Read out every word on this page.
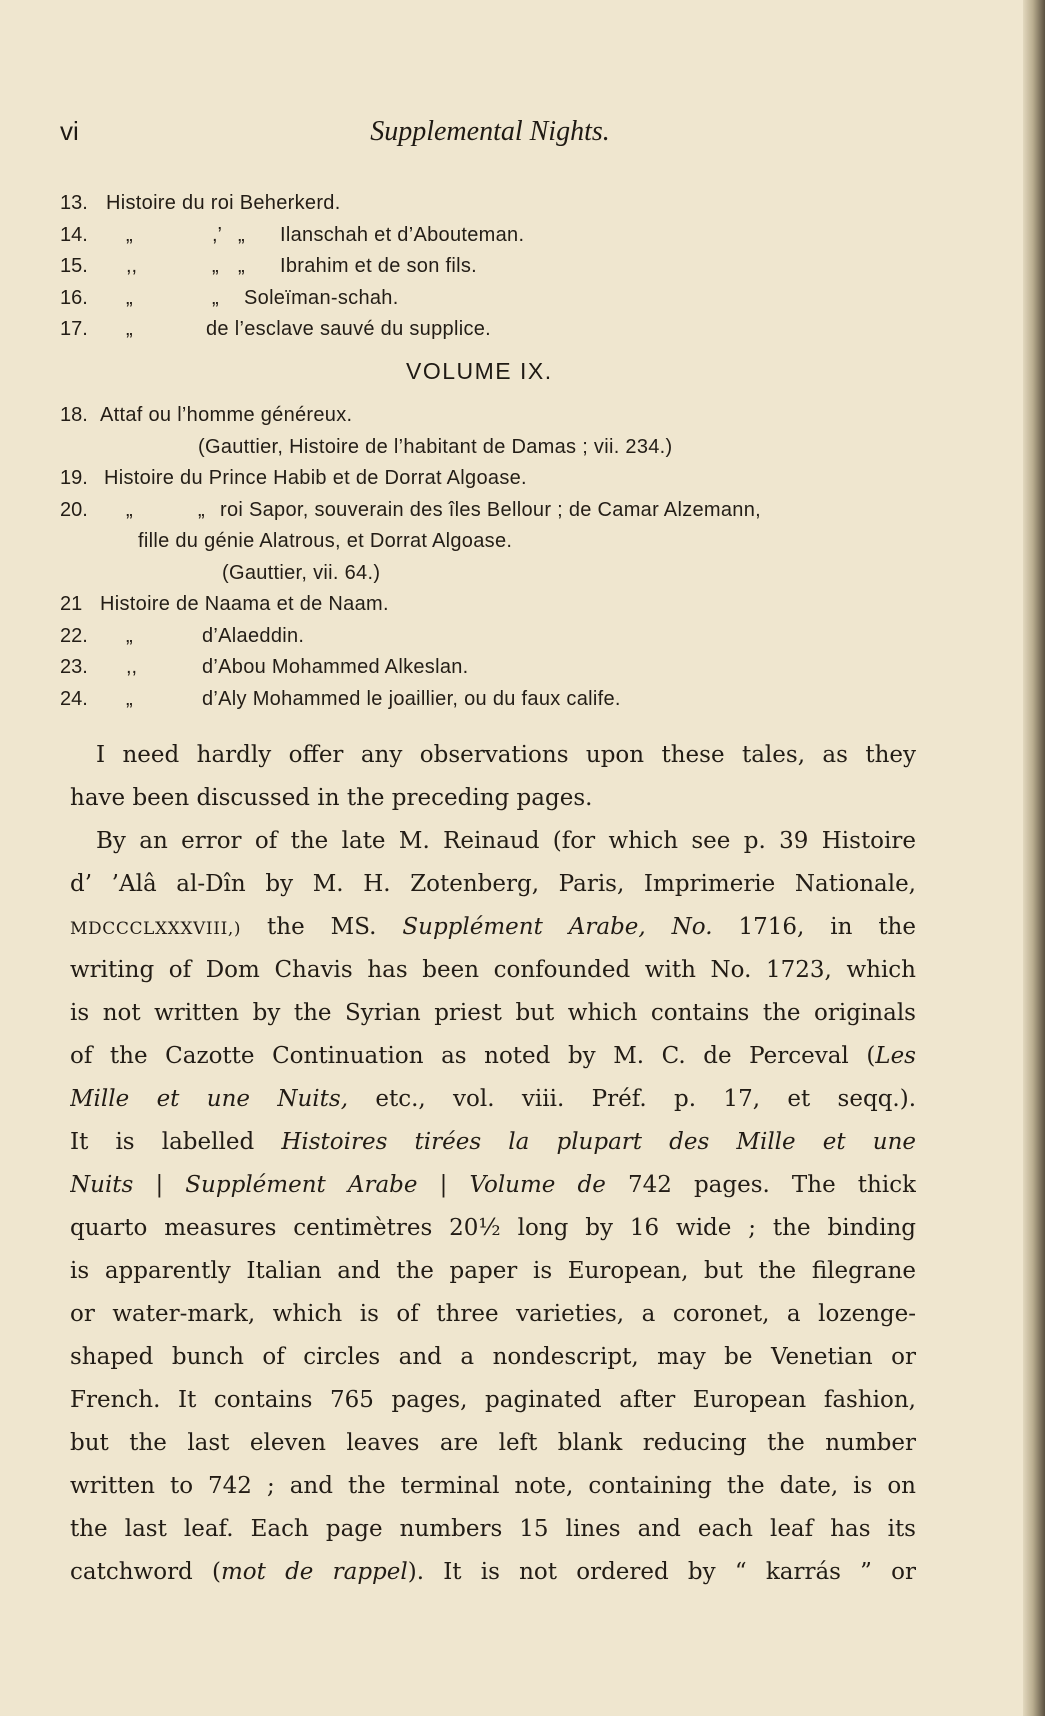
vi	Supplemental Nights.
13. Histoire du roi Beherkerd.
14.	„	,’ „ Ilanschah et d’Abouteman.
15.	,,	„ „ Ibrahim et de son fils.
16.	„	„ Soleïman-schah.
17.	„	de l’esclave sauvé du supplice.
VOLUME IX.
18. Attaf ou l’homme généreux.
(Gauttier, Histoire de l’habitant de Damas ; vii. 234.)
19. Histoire du Prince Habib et de Dorrat Algoase.
20.	„	„ roi Sapor, souverain des îles Bellour ; de Camar Alzemann,
fille du génie Alatrous, et Dorrat Algoase.
(Gauttier, vii. 64.)
21 Histoire de Naama et de Naam.
22.	„	d’Alaeddin.
23.	,,	d’Abou Mohammed Alkeslan.
24.	„	d’Aly Mohammed le joaillier, ou du faux calife.

I need hardly offer any observations upon these tales, as they
have been discussed in the preceding pages.

By an error of the late M. Reinaud (for which see p. 39 Histoire
d’ ’Alâ al-Dîn by M. H. Zotenberg, Paris, Imprimerie Nationale,
MDCCCLXXXVIII,) the MS. Supplément Arabe, No. 1716, in the
writing of Dom Chavis has been confounded with No. 1723, which
is not written by the Syrian priest but which contains the originals
of the Cazotte Continuation as noted by M. C. de Perceval (Les
Mille et une Nuits, etc., vol. viii. Préf. p. 17, et seqq.).
It is labelled Histoires tirées la plupart des Mille et une
Nuits | Supplément Arabe | Volume de 742 pages. The thick
quarto measures centimètres 20½ long by 16 wide ; the binding
is apparently Italian and the paper is European, but the filegrane
or water-mark, which is of three varieties, a coronet, a lozenge-
shaped bunch of circles and a nondescript, may be Venetian or
French. It contains 765 pages, paginated after European fashion,
but the last eleven leaves are left blank reducing the number
written to 742 ; and the terminal note, containing the date, is on
the last leaf. Each page numbers 15 lines and each leaf has its
catchword (mot de rappel). It is not ordered by “ karrás ” or
